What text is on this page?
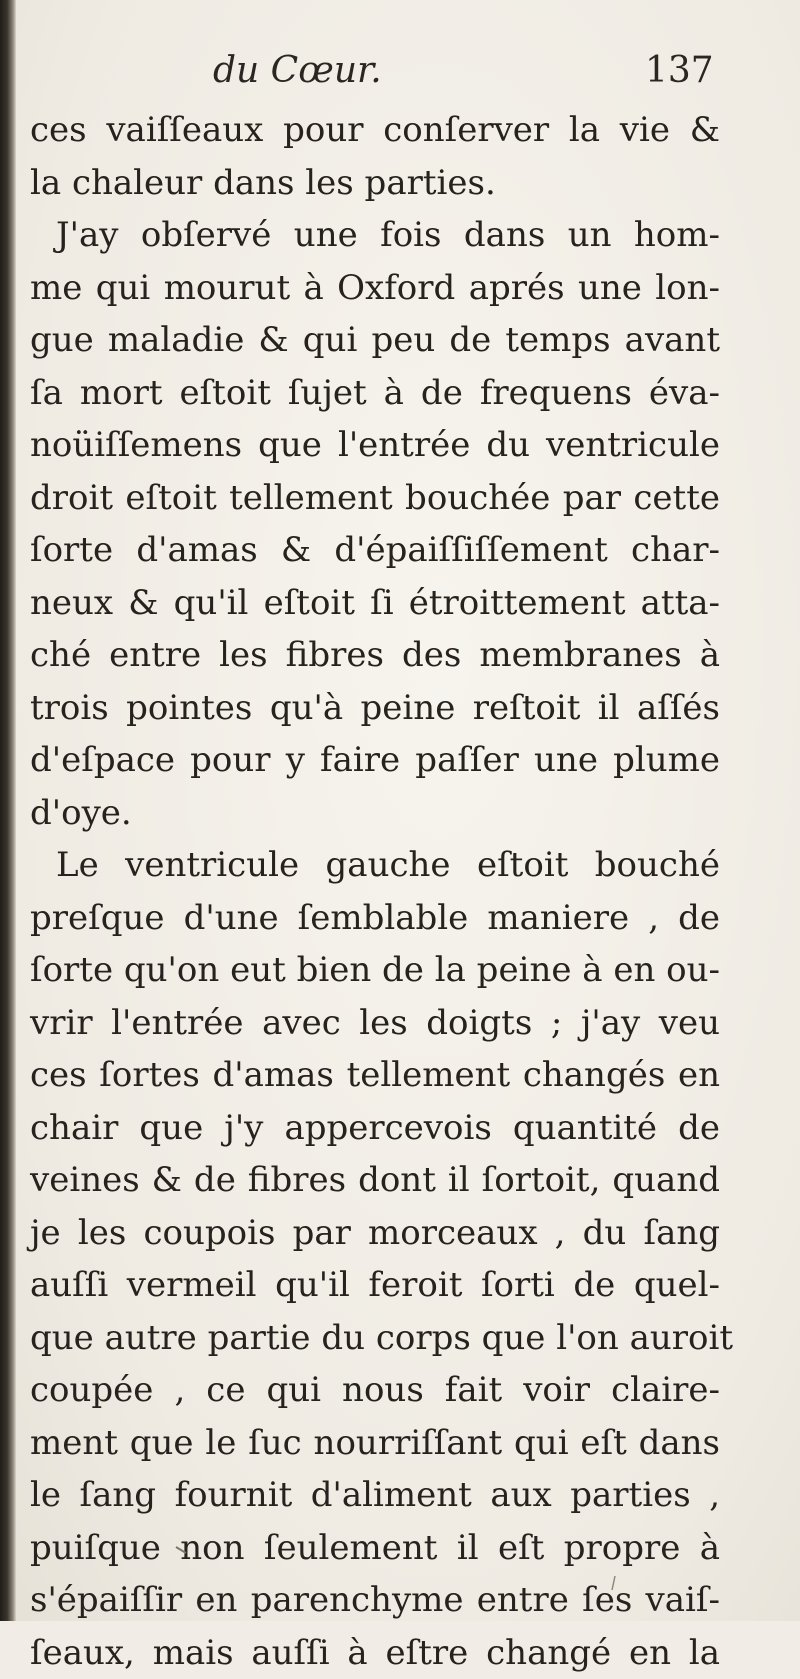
du Cœur.	137
ces vaiſſeaux pour conſerver la vie &
la chaleur dans les parties.
J'ay obſervé une fois dans un hom-
me qui mourut à Oxford aprés une lon-
gue maladie & qui peu de temps avant
ſa mort eſtoit ſujet à de frequens éva-
noüiſſemens que l'entrée du ventricule
droit eſtoit tellement bouchée par cette
ſorte d'amas & d'épaiſſiſſement char-
neux & qu'il eſtoit ſi étroittement atta-
ché entre les fibres des membranes à
trois pointes qu'à peine reſtoit il aſſés
d'eſpace pour y faire paſſer une plume
d'oye.
Le ventricule gauche eſtoit bouché
preſque d'une ſemblable maniere , de
ſorte qu'on eut bien de la peine à en ou-
vrir l'entrée avec les doigts ; j'ay veu
ces ſortes d'amas tellement changés en
chair que j'y appercevois quantité de
veines & de fibres dont il ſortoit, quand
je les coupois par morceaux , du ſang
auſſi vermeil qu'il feroit ſorti de quel-
que autre partie du corps que l'on auroit
coupée , ce qui nous fait voir claire-
ment que le ſuc nourriſſant qui eſt dans
le ſang fournit d'aliment aux parties ,
puiſque non ſeulement il eſt propre à
s'épaiſſir en parenchyme entre ſes vaiſ-
ſeaux, mais auſſi à eſtre changé en la
